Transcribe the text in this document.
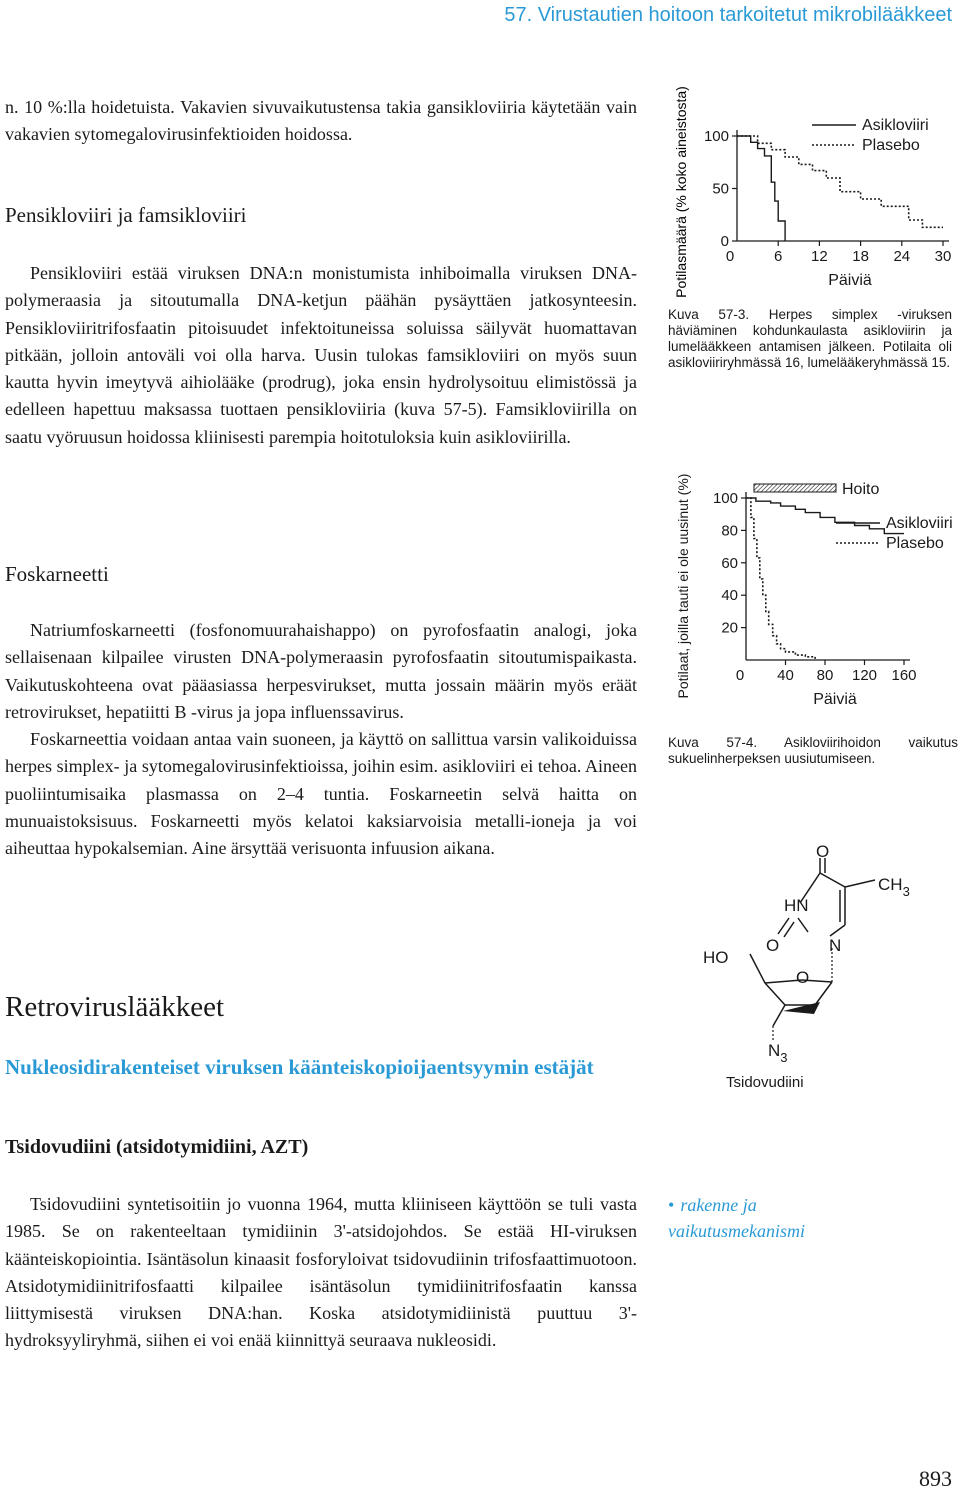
57. Virustautien hoitoon tarkoitetut mikrobilääkkeet

n. 10 %:lla hoidetuista. Vakavien sivuvaikutustensa takia gansikloviiria käytetään vain vakavien sytomegalovirusinfektioiden hoidossa.

Pensikloviiri ja famsikloviiri

Pensikloviiri estää viruksen DNA:n monistumista inhiboimalla viruksen DNA-polymeraasia ja sitoutumalla DNA-ketjun päähän pysäyttäen jatkosynteesin. Pensikloviiritrifosfaatin pitoisuudet infektoituneissa soluissa säilyvät huomattavan pitkään, jolloin antoväli voi olla harva. Uusin tulokas famsikloviiri on myös suun kautta hyvin imeytyvä aihiolääke (prodrug), joka ensin hydrolysoituu elimistössä ja edelleen hapettuu maksassa tuottaen pensikloviiria (kuva 57-5). Famsikloviirilla on saatu vyöruusun hoidossa kliinisesti parempia hoitotuloksia kuin asikloviirilla.

Foskarneetti

Natriumfoskarneetti (fosfonomuurahaishappo) on pyrofosfaatin analogi, joka sellaisenaan kilpailee virusten DNA-polymeraasin pyrofosfaatin sitoutumispaikasta. Vaikutuskohteena ovat pääasiassa herpesvirukset, mutta jossain määrin myös eräät retrovirukset, hepatiitti B -virus ja jopa influenssavirus.

Foskarneettia voidaan antaa vain suoneen, ja käyttö on sallittua varsin valikoiduissa herpes simplex- ja sytomegalovirusinfektioissa, joihin esim. asikloviiri ei tehoa. Aineen puoliintumisaika plasmassa on 2–4 tuntia. Foskarneetin selvä haitta on munuaistoksisuus. Foskarneetti myös kelatoi kaksiarvoisia metalli-ioneja ja voi aiheuttaa hypokalsemian. Aine ärsyttää verisuonta infuusion aikana.

Retroviruslääkkeet
Nukleosidirakenteiset viruksen käänteiskopioijaentsyymin estäjät
Tsidovudiini (atsidotymidiini, AZT)

Tsidovudiini syntetisoitiin jo vuonna 1964, mutta kliiniseen käyttöön se tuli vasta 1985. Se on rakenteeltaan tymidiinin 3'-atsidojohdos. Se estää HI-viruksen käänteiskopiointia. Isäntäsolun kinaasit fosforyloivat tsidovudiinin trifosfaattimuotoon. Atsidotymidiinitrifosfaatti kilpailee isäntäsolun tymidiinitrifosfaatin kanssa liittymisestä viruksen DNA:han. Koska atsidotymidiinistä puuttuu 3'-hydroksyyliryhmä, siihen ei voi enää kiinnittyä seuraava nukleosidi.

• rakenne ja vaikutusmekanismi
Potilasmäärä (% koko aineistosta) 0
50
100
0	6 12 18 24 30
Päiviä
Asikloviiri
Plasebo
Kuva 57-3. Herpes simplex -viruksen häviäminen kohdunkaulasta asikloviirin ja lumelääkkeen antamisen jälkeen. Potilaita oli asikloviiriryhmässä 16, lumelääkeryhmässä 15.
Potilaat, joilla tauti ei ole uusinut (%) 20
40
60
80
100
0 40 80 120 160
Päiviä
Asikloviiri
Plasebo
Hoito
Kuva 57-4. Asikloviirihoidon vaikutus sukuelinherpeksen uusiutumiseen.
O
$CH_3$
HN
O	N
HO
O
$N_3$
Tsidovudiini
893
